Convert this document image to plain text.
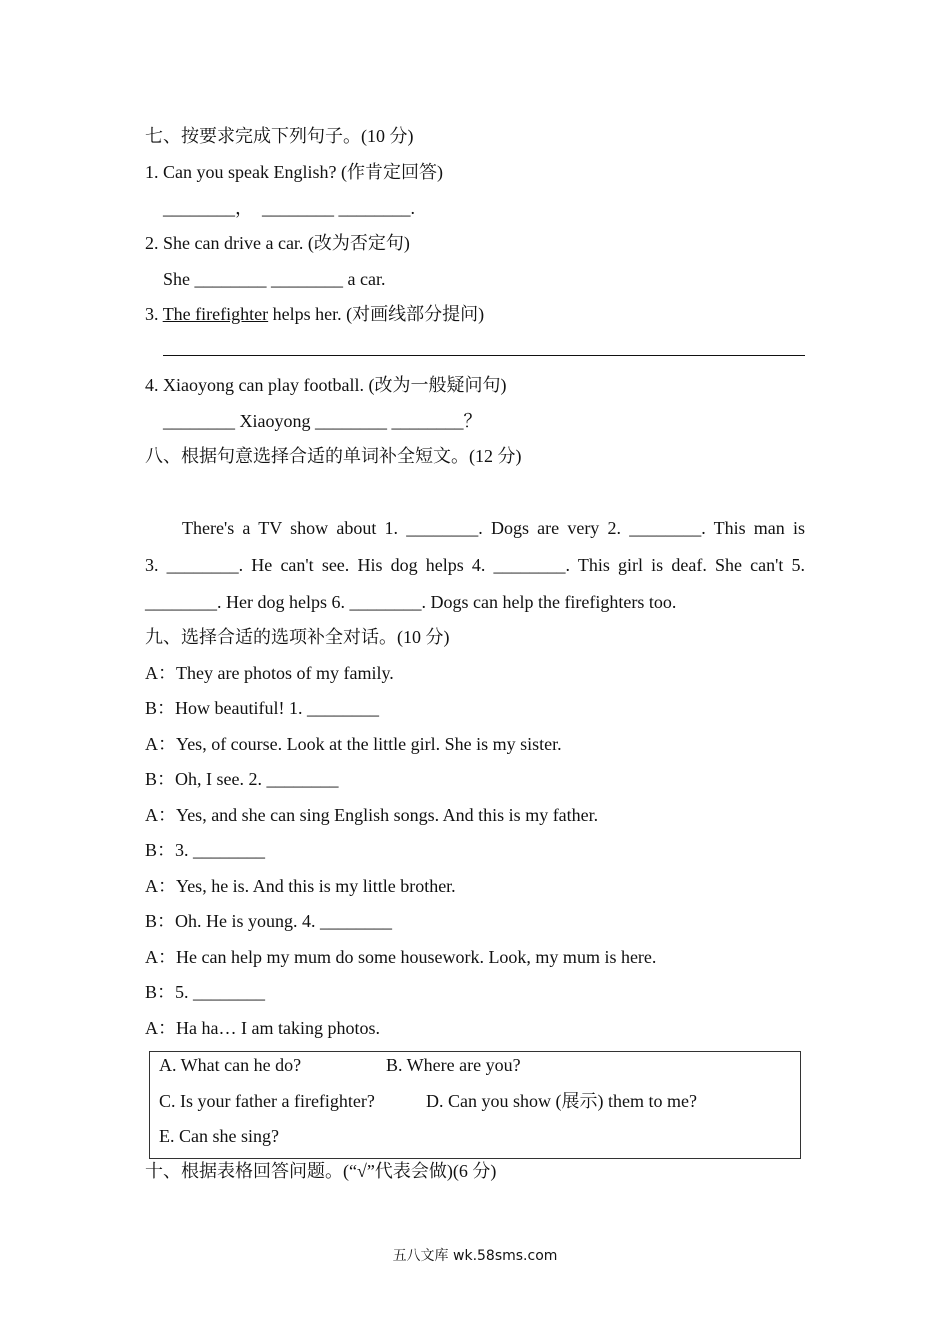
七、按要求完成下列句子。(10 分)
1. Can you speak English? (作肯定回答)
________，  ________ ________.
2. She can drive a car. (改为否定句)
She ________ ________ a car.
3. The firefighter helps her. (对画线部分提问)
4. Xiaoyong can play football. (改为一般疑问句)
________ Xiaoyong ________ ________？
八、根据句意选择合适的单词补全短文。(12 分)
There's a TV show about 1. ________. Dogs are very 2. ________. This man is
3. ________. He can't see. His dog helps 4. ________. This girl is deaf. She can't 5.
________. Her dog helps 6. ________. Dogs can help the firefighters too.
九、选择合适的选项补全对话。(10 分)
A：They are photos of my family.
B：How beautiful! 1. ________
A：Yes, of course. Look at the little girl. She is my sister.
B：Oh, I see. 2. ________
A：Yes, and she can sing English songs. And this is my father.
B：3. ________
A：Yes, he is. And this is my little brother.
B：Oh. He is young. 4. ________
A：He can help my mum do some housework. Look, my mum is here.
B：5. ________
A：Ha ha… I am taking photos.
A. What can he do?	B. Where are you?
C. Is your father a firefighter?	D. Can you show (展示) them to me?
E. Can she sing?
十、根据表格回答问题。(“√”代表会做)(6 分)
五八文库 wk.58sms.com
